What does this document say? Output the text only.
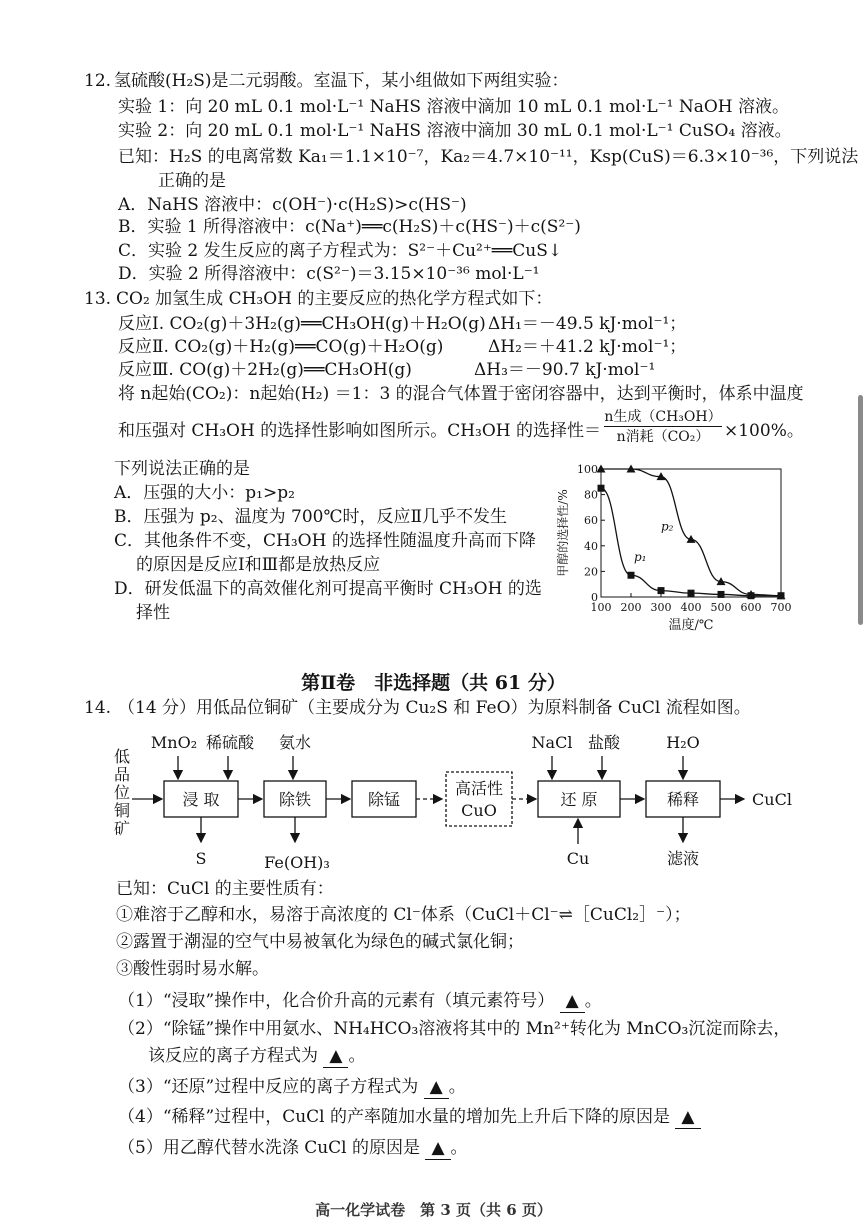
12. 氢硫酸(H₂S)是二元弱酸。室温下，某小组做如下两组实验：
实验 1：向 20 mL 0.1 mol·L⁻¹ NaHS 溶液中滴加 10 mL 0.1 mol·L⁻¹ NaOH 溶液。
实验 2：向 20 mL 0.1 mol·L⁻¹ NaHS 溶液中滴加 30 mL 0.1 mol·L⁻¹ CuSO₄ 溶液。
已知：H₂S 的电离常数 Ka₁＝1.1×10⁻⁷，Ka₂＝4.7×10⁻¹¹，Ksp(CuS)＝6.3×10⁻³⁶，下列说法
正确的是
A．NaHS 溶液中：c(OH⁻)·c(H₂S)>c(HS⁻)
B．实验 1 所得溶液中：c(Na⁺)══c(H₂S)＋c(HS⁻)＋c(S²⁻)
C．实验 2 发生反应的离子方程式为：S²⁻＋Cu²⁺══CuS↓
D．实验 2 所得溶液中：c(S²⁻)＝3.15×10⁻³⁶ mol·L⁻¹
13. CO₂ 加氢生成 CH₃OH 的主要反应的热化学方程式如下：
反应Ⅰ. CO₂(g)＋3H₂(g)══CH₃OH(g)＋H₂O(g) ΔH₁＝－49.5 kJ·mol⁻¹；
反应Ⅱ. CO₂(g)＋H₂(g)══CO(g)＋H₂O(g)	ΔH₂＝＋41.2 kJ·mol⁻¹；
反应Ⅲ. CO(g)＋2H₂(g)══CH₃OH(g)	ΔH₃＝－90.7 kJ·mol⁻¹
将 n起始(CO₂)：n起始(H₂) ＝1：3 的混合气体置于密闭容器中，达到平衡时，体系中温度
和压强对 CH₃OH 的选择性影响如图所示。CH₃OH 的选择性＝
n生成（CH₃OH）
n消耗（CO₂） ×100%。
下列说法正确的是
A．压强的大小：p₁>p₂
B．压强为 p₂、温度为 700℃时，反应Ⅱ几乎不发生
C．其他条件不变，CH₃OH 的选择性随温度升高而下降
的原因是反应Ⅰ和Ⅲ都是放热反应
D．研发低温下的高效催化剂可提高平衡时 CH₃OH 的选
择性	100 200 300 400 500 600 700
0
20
40
60
80
100
温度/℃
甲醇的选择性/%	p₂
p₁
第Ⅱ卷　非选择题（共 61 分）
14. （14 分）用低品位铜矿（主要成分为 Cu₂S 和 FeO）为原料制备 CuCl 流程如图。
低
品
位
铜
矿
浸 取	除铁	除锰
高活性
CuO
还 原	稀释	CuCl
MnO₂ 稀硫酸 氨水	NaCl 盐酸	H₂O
S	Fe(OH)₃	Cu	滤液
已知：CuCl 的主要性质有：
①难溶于乙醇和水，易溶于高浓度的 Cl⁻体系（CuCl＋Cl⁻⇌［CuCl₂］⁻）；
②露置于潮湿的空气中易被氧化为绿色的碱式氯化铜；
③酸性弱时易水解。
（1）“浸取”操作中，化合价升高的元素有（填元素符号） ▲ 。
（2）“除锰”操作中用氨水、NH₄HCO₃溶液将其中的 Mn²⁺转化为 MnCO₃沉淀而除去，
该反应的离子方程式为 ▲ 。
（3）“还原”过程中反应的离子方程式为 ▲ 。
（4）“稀释”过程中，CuCl 的产率随加水量的增加先上升后下降的原因是 ▲
（5）用乙醇代替水洗涤 CuCl 的原因是 ▲ 。
高一化学试卷　第 3 页（共 6 页）
